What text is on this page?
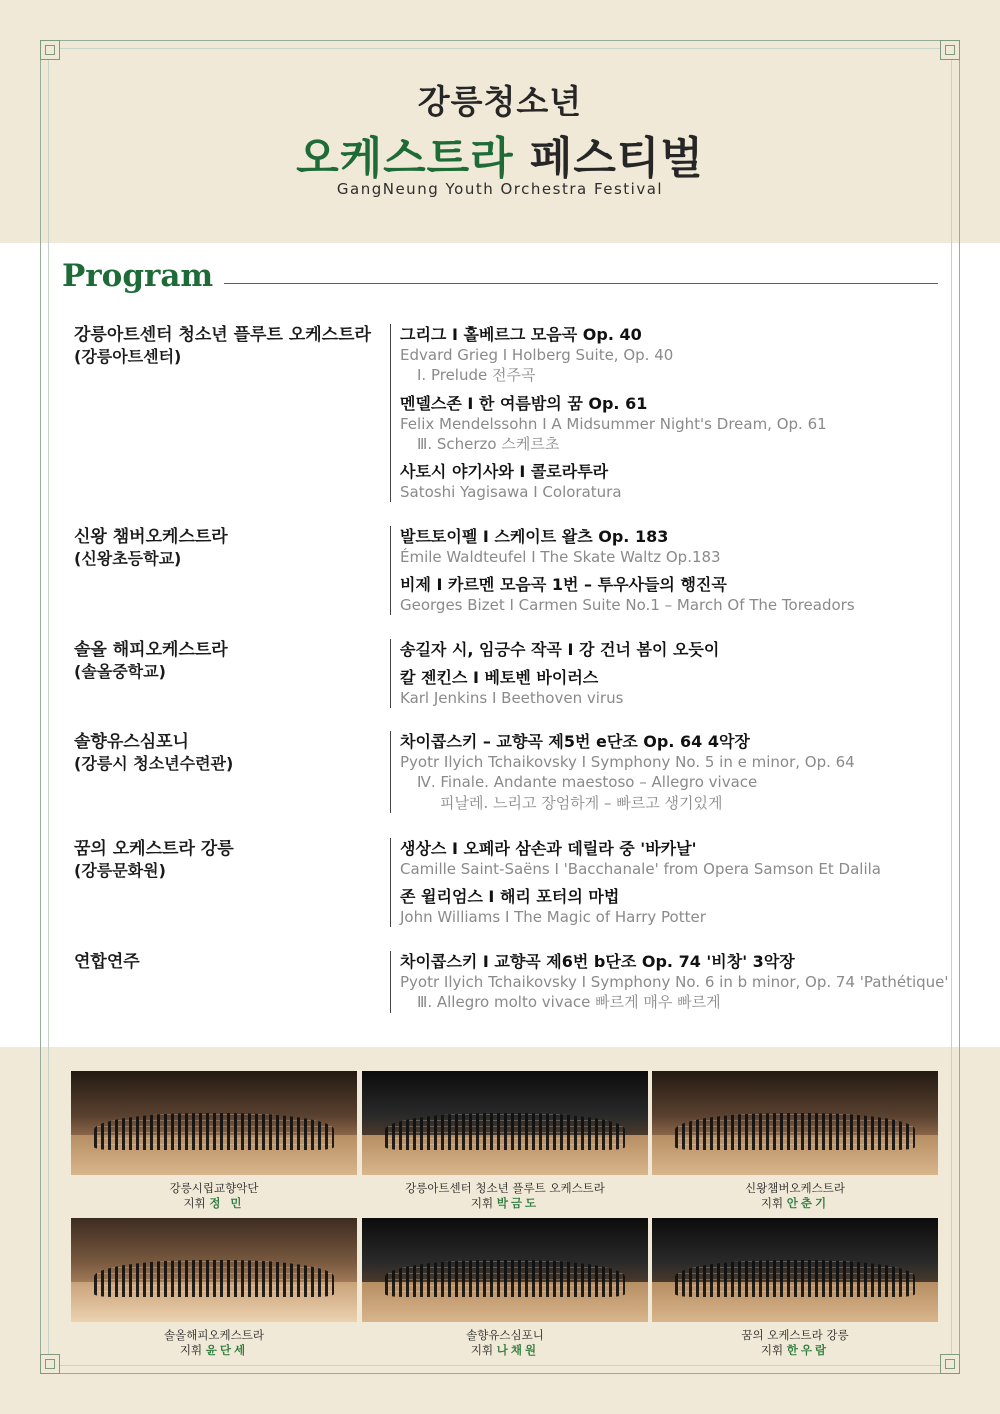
강릉청소년
오케스트라 페스티벌
GangNeung Youth Orchestra Festival
Program
강릉아트센터 청소년 플루트 오케스트라
(강릉아트센터)
그리그 Ι 홀베르그 모음곡 Op. 40
Edvard Grieg Ι Holberg Suite, Op. 40
Ⅰ. Prelude 전주곡
멘델스존 Ι 한 여름밤의 꿈 Op. 61
Felix Mendelssohn Ι A Midsummer Night's Dream, Op. 61
Ⅲ. Scherzo 스케르초
사토시 야기사와 Ι 콜로라투라
Satoshi Yagisawa Ι Coloratura
신왕 챔버오케스트라
(신왕초등학교)
발트토이펠 Ι 스케이트 왈츠 Op. 183
Émile Waldteufel Ι The Skate Waltz Op.183
비제 Ι 카르멘 모음곡 1번 – 투우사들의 행진곡
Georges Bizet Ι Carmen Suite No.1 – March Of The Toreadors
솔올 해피오케스트라
(솔올중학교)
송길자 시, 임긍수 작곡 Ι 강 건너 봄이 오듯이
칼 젠킨스 Ι 베토벤 바이러스
Karl Jenkins Ι Beethoven virus
솔향유스심포니
(강릉시 청소년수련관)
차이콥스키 – 교향곡 제5번 e단조 Op. 64 4악장
Pyotr Ilyich Tchaikovsky Ι Symphony No. 5 in e minor, Op. 64
Ⅳ. Finale. Andante maestoso – Allegro vivace
피날레. 느리고 장엄하게 – 빠르고 생기있게
꿈의 오케스트라 강릉
(강릉문화원)
생상스 Ι 오페라 삼손과 데릴라 중 '바카날'
Camille Saint-Saëns Ι 'Bacchanale' from Opera Samson Et Dalila
존 윌리엄스 Ι 해리 포터의 마법
John Williams Ι The Magic of Harry Potter
연합연주	차이콥스키 Ι 교향곡 제6번 b단조 Op. 74 '비창' 3악장
Pyotr Ilyich Tchaikovsky Ι Symphony No. 6 in b minor, Op. 74 'Pathétique'
Ⅲ. Allegro molto vivace 빠르게 매우 빠르게
강릉시립교향악단
지휘 정 민
강릉아트센터 청소년 플루트 오케스트라
지휘 박금도
신왕챔버오케스트라
지휘 안춘기
솔올해피오케스트라
지휘 윤단세
솔향유스심포니
지휘 나채원
꿈의 오케스트라 강릉
지휘 한우람
